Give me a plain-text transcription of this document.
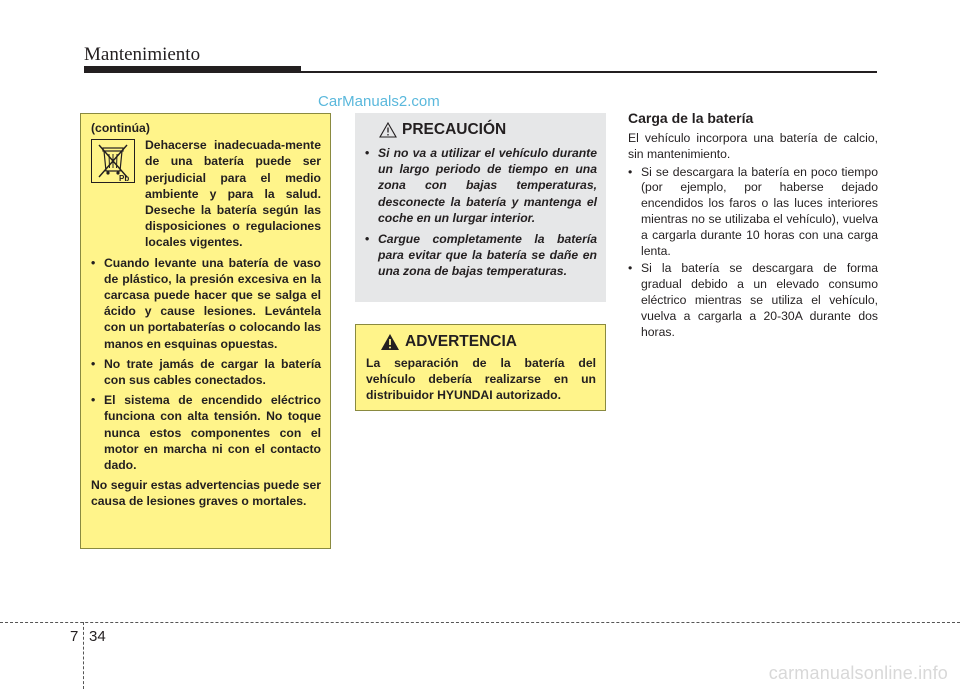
Mantenimiento
CarManuals2.com
(continúa)
Pb
Dehacerse inadecuada-mente de una batería puede ser perjudicial para el medio ambiente y para la salud. Deseche la batería según las disposiciones o regulaciones locales vigentes.
• Cuando levante una batería de vaso de plástico, la presión excesiva en la carcasa puede hacer que se salga el ácido y cause lesiones. Levántela con un portabaterías o colocando las manos en esquinas opuestas.
• No trate jamás de cargar la batería con sus cables conectados.
• El sistema de encendido eléctrico funciona con alta tensión. No toque nunca estos componentes con el motor en marcha ni con el contacto dado.
No seguir estas advertencias puede ser causa de lesiones graves o mortales.
PRECAUCIÓN
• Si no va a utilizar el vehículo durante un largo periodo de tiempo en una zona con bajas temperaturas, desconecte la batería y mantenga el coche en un lurgar interior.
• Cargue completamente la batería para evitar que la batería se dañe en una zona de bajas temperaturas.
ADVERTENCIA
La separación de la batería del vehículo debería realizarse en un distribuidor HYUNDAI autorizado.
Carga de la batería
El vehículo incorpora una batería de calcio, sin mantenimiento.
• Si se descargara la batería en poco tiempo (por ejemplo, por haberse dejado encendidos los faros o las luces interiores mientras no se utilizaba el vehículo), vuelva a cargarla durante 10 horas con una carga lenta.
• Si la batería se descargara de forma gradual debido a un elevado consumo eléctrico mientras se utiliza el vehículo, vuelva a cargarla a 20-30A durante dos horas.
7 34
carmanualsonline.info
